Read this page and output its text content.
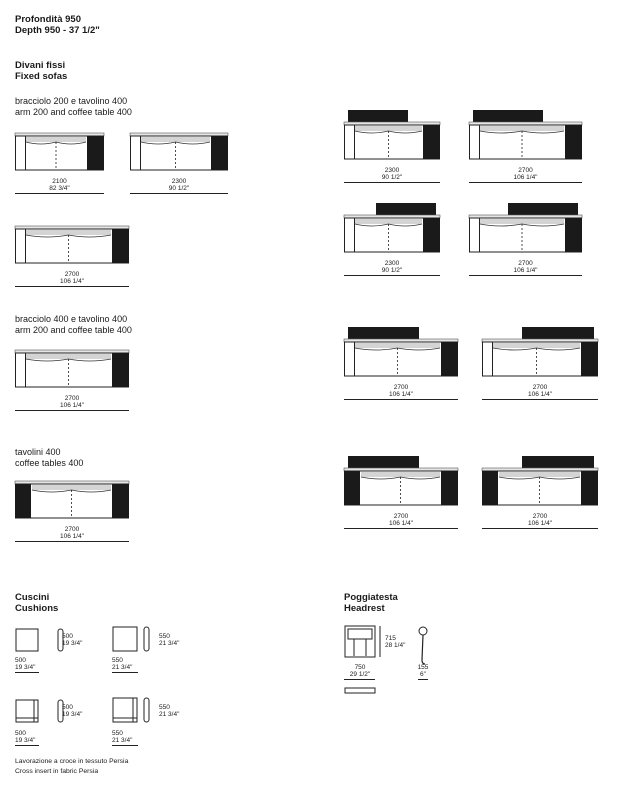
Profondità 950
Depth 950 - 37 1/2"
Divani fissi
Fixed sofas
bracciolo 200 e tavolino 400
arm 200 and coffee table 400
bracciolo 400 e tavolino 400
arm 200 and coffee table 400
tavolini 400
coffee tables 400
2100
82 3/4"
2300
90 1/2"
2300
90 1/2"
2700
106 1/4"
2700
106 1/4"
2300
90 1/2"
2700
106 1/4"
2700
106 1/4"
2700
106 1/4"
2700
106 1/4"
2700
106 1/4"
2700
106 1/4"
2700
106 1/4"
Cuscini
Cushions
500
19 3/4"
500
19 3/4"
550
21 3/4"
550
21 3/4"
500
19 3/4"
500
19 3/4"
550
21 3/4"
550
21 3/4"
Lavorazione a croce in tessuto Persia
Cross insert in fabric Persia
Poggiatesta
Headrest
715
28 1/4"
750
29 1/2"
155
6"
